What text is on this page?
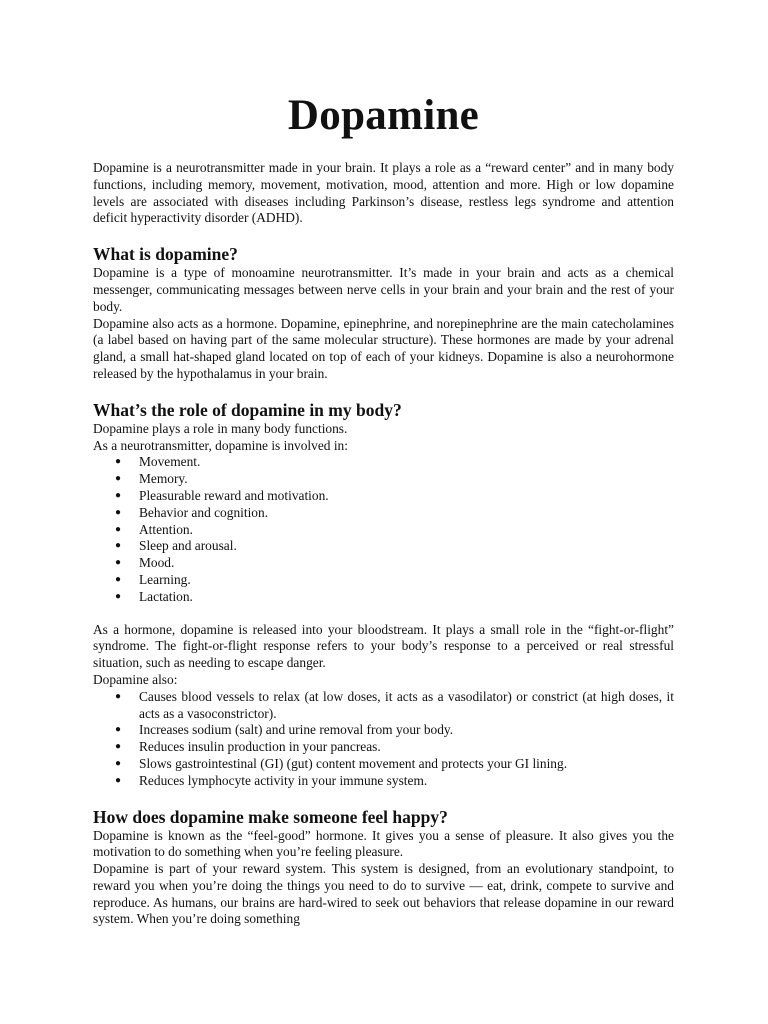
Dopamine

Dopamine is a neurotransmitter made in your brain. It plays a role as a “reward center” and in many body functions, including memory, movement, motivation, mood, attention and more. High or low dopamine levels are associated with diseases including Parkinson’s disease, restless legs syndrome and attention deficit hyperactivity disorder (ADHD).

What is dopamine?

Dopamine is a type of monoamine neurotransmitter. It’s made in your brain and acts as a chemical messenger, communicating messages between nerve cells in your brain and your brain and the rest of your body.

Dopamine also acts as a hormone. Dopamine, epinephrine, and norepinephrine are the main catecholamines (a label based on having part of the same molecular structure). These hormones are made by your adrenal gland, a small hat-shaped gland located on top of each of your kidneys. Dopamine is also a neurohormone released by the hypothalamus in your brain.

What’s the role of dopamine in my body?

Dopamine plays a role in many body functions.

As a neurotransmitter, dopamine is involved in:

● Movement.
● Memory.
● Pleasurable reward and motivation.
● Behavior and cognition.
● Attention.
● Sleep and arousal.
● Mood.
● Learning.
● Lactation.

As a hormone, dopamine is released into your bloodstream. It plays a small role in the “fight-or-flight” syndrome. The fight-or-flight response refers to your body’s response to a perceived or real stressful situation, such as needing to escape danger.

Dopamine also:

● Causes blood vessels to relax (at low doses, it acts as a vasodilator) or constrict (at high doses, it acts as a vasoconstrictor).
● Increases sodium (salt) and urine removal from your body.
● Reduces insulin production in your pancreas.
● Slows gastrointestinal (GI) (gut) content movement and protects your GI lining.
● Reduces lymphocyte activity in your immune system.
How does dopamine make someone feel happy?

Dopamine is known as the “feel-good” hormone. It gives you a sense of pleasure. It also gives you the motivation to do something when you’re feeling pleasure.

Dopamine is part of your reward system. This system is designed, from an evolutionary standpoint, to reward you when you’re doing the things you need to do to survive — eat, drink, compete to survive and reproduce. As humans, our brains are hard-wired to seek out behaviors that release dopamine in our reward system. When you’re doing something
